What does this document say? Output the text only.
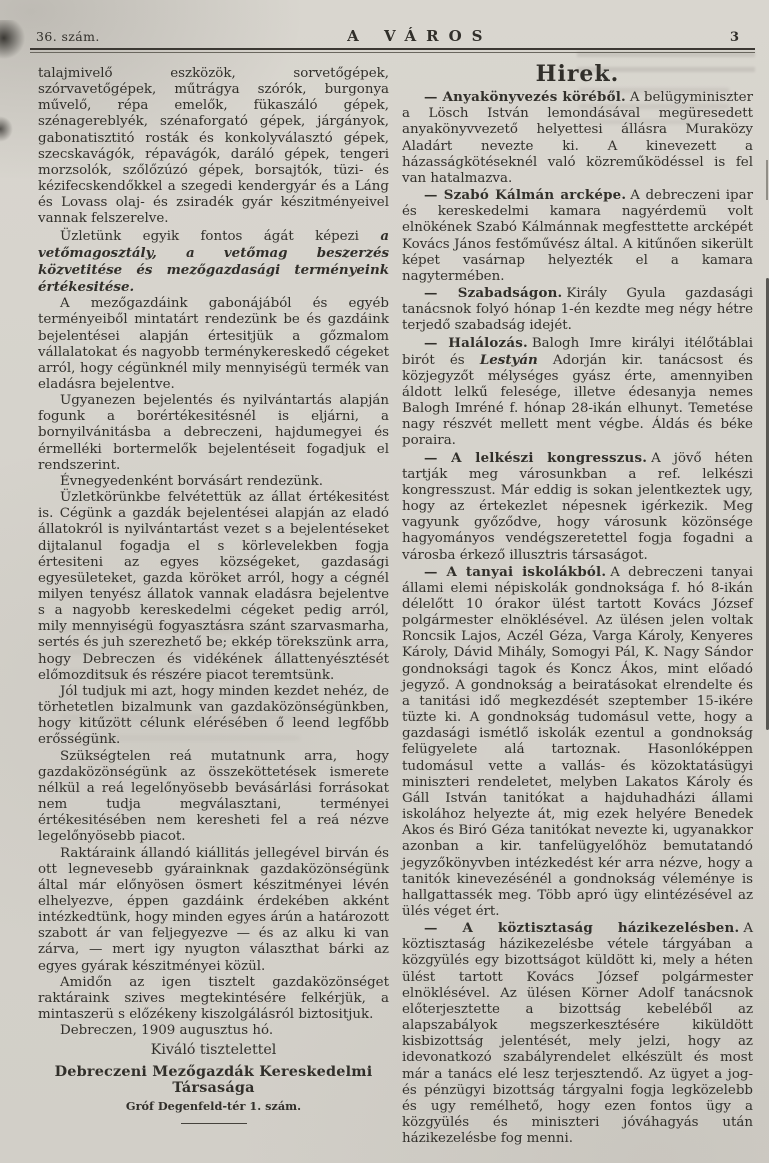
36. szám.	A VÁROS	3

talajmivelő eszközök, sorvetőgépek, szórvavetőgépek, műtrágya szórók, burgonya művelő, répa emelők, fükaszáló gépek, szénagereblyék, szénaforgató gépek, járgányok, gabonatisztitó rosták és konkolyválasztó gépek, szecskavágók, répavágók, daráló gépek, tengeri morzsolók, szőlőzúzó gépek, borsajtók, tüzi- és kézifecskendőkkel a szegedi kendergyár és a Láng és Lovass olaj- és zsiradék gyár készitményeivel vannak felszerelve.

Üzletünk egyik fontos ágát képezi a vetőmagosztály, a vetőmag beszerzés közvetitése és mezőgazdasági terményeink értékesitése.

A mezőgazdáink gabonájából és egyéb terményeiből mintatárt rendezünk be és gazdáink bejelentései alapján értesitjük a gőzmalom vállalatokat és nagyobb terménykereskedő cégeket arról, hogy cégünknél mily mennyiségü termék van eladásra bejelentve.

Ugyanezen bejelentés és nyilvántartás alapján fogunk a borértékesitésnél is eljárni, a bornyilvánitásba a debreczeni, hajdumegyei és érmelléki bortermelők bejelentéseit fogadjuk el rendszerint.

Évnegyedenként borvásárt rendezünk.

Üzletkörünkbe felvétettük az állat értékesitést is. Cégünk a gazdák bejelentései alapján az eladó állatokról is nyilvántartást vezet s a bejelentéseket dijtalanul fogadja el s körlevelekben fogja értesiteni az egyes községeket, gazdasági egyesületeket, gazda köröket arról, hogy a cégnél milyen tenyész állatok vannak eladásra bejelentve s a nagyobb kereskedelmi cégeket pedig arról, mily mennyiségü fogyasztásra szánt szarvasmarha, sertés és juh szerezhető be; ekkép törekszünk arra, hogy Debreczen és vidékének állattenyésztését előmozditsuk és részére piacot teremtsünk.

Jól tudjuk mi azt, hogy minden kezdet nehéz, de törhetetlen bizalmunk van gazdaközönségünkben, hogy kitűzött célunk elérésében ő leend legfőbb erősségünk.

Szükségtelen reá mutatnunk arra, hogy gazdaközönségünk az összeköttetések ismerete nélkül a reá legelőnyösebb bevásárlási forrásokat nem tudja megválasztani, terményei értékesitésében nem keresheti fel a reá nézve legelőnyösebb piacot.

Raktáraink állandó kiállitás jellegével birván és ott legnevesebb gyárainknak gazdaközönségünk által már előnyösen ösmert készitményei lévén elhelyezve, éppen gazdáink érdekében akként intézkedtünk, hogy minden egyes árún a határozott szabott ár van feljegyezve — és az alku ki van zárva, — mert igy nyugton választhat bárki az egyes gyárak készitményei közül.

Amidőn az igen tisztelt gazdaközönséget raktáraink szives megtekintésére felkérjük, a mintaszerü s előzékeny kiszolgálásról biztositjuk.

Debreczen, 1909 augusztus hó.

Kiváló tisztelettel

Debreczeni Mezőgazdák Kereskedelmi Társasága

Gróf Degenfeld-tér 1. szám.

Hirek.

— Anyakönyvezés köréből. A belügyminiszter a Lösch István lemondásával megüresedett anyakönyvvezető helyettesi állásra Muraközy Aladárt nevezte ki. A kinevezett a házasságkötéseknél való közreműködéssel is fel van hatalmazva.

— Szabó Kálmán arcképe. A debreczeni ipar és kereskedelmi kamara nagyérdemü volt elnökének Szabó Kálmánnak megfesttette arcképét Kovács János festőművész által. A kitűnően sikerült képet vasárnap helyezték el a kamara nagytermében.

— Szabadságon. Király Gyula gazdasági tanácsnok folyó hónap 1-én kezdte meg négy hétre terjedő szabadság idejét.

— Halálozás. Balogh Imre királyi itélőtáblai birót és Lestyán Adorján kir. tanácsost és közjegyzőt mélységes gyász érte, amennyiben áldott lelkű felesége, illetve édesanyja nemes Balogh Imréné f. hónap 28-ikán elhunyt. Temetése nagy részvét mellett ment végbe. Áldás és béke poraira.

— A lelkészi kongresszus. A jövő héten tartják meg városunkban a ref. lelkészi kongresszust. Már eddig is sokan jelentkeztek ugy, hogy az értekezlet népesnek igérkezik. Meg vagyunk győződve, hogy városunk közönsége hagyományos vendégszeretettel fogja fogadni a városba érkező illusztris társaságot.

— A tanyai iskolákból. A debreczeni tanyai állami elemi népiskolák gondnoksága f. hó 8-ikán délelőtt 10 órakor ülést tartott Kovács József polgármester elnöklésével. Az ülésen jelen voltak Roncsik Lajos, Aczél Géza, Varga Károly, Kenyeres Károly, Dávid Mihály, Somogyi Pál, K. Nagy Sándor gondnoksági tagok és Koncz Ákos, mint előadó jegyző. A gondnokság a beiratásokat elrendelte és a tanitási idő megkezdését szeptember 15-ikére tüzte ki. A gondnokság tudomásul vette, hogy a gazdasági ismétlő iskolák ezentul a gondnokság felügyelete alá tartoznak. Hasonlóképpen tudomásul vette a vallás- és közoktatásügyi miniszteri rendeletet, melyben Lakatos Károly és Gáll István tanitókat a hajduhadházi állami iskolához helyezte át, mig ezek helyére Benedek Akos és Biró Géza tanitókat nevezte ki, ugyanakkor azonban a kir. tanfelügyelőhöz bemutatandó jegyzőkönyvben intézkedést kér arra nézve, hogy a tanitók kinevezésénél a gondnokság véleménye is hallgattassék meg. Több apró ügy elintézésével az ülés véget ért.

— A köztisztaság házikezelésben. A köztisztaság házikezelésbe vétele tárgyában a közgyülés egy bizottságot küldött ki, mely a héten ülést tartott Kovács József polgármester elnöklésével. Az ülésen Körner Adolf tanácsnok előterjesztette a bizottság kebeléből az alapszabályok megszerkesztésére kiküldött kisbizottság jelentését, mely jelzi, hogy az idevonatkozó szabályrendelet elkészült és most már a tanács elé lesz terjesztendő. Az ügyet a jog- és pénzügyi bizottság tárgyalni fogja legközelebb és ugy remélhető, hogy ezen fontos ügy a közgyülés és miniszteri jóváhagyás után házikezelésbe fog menni.
